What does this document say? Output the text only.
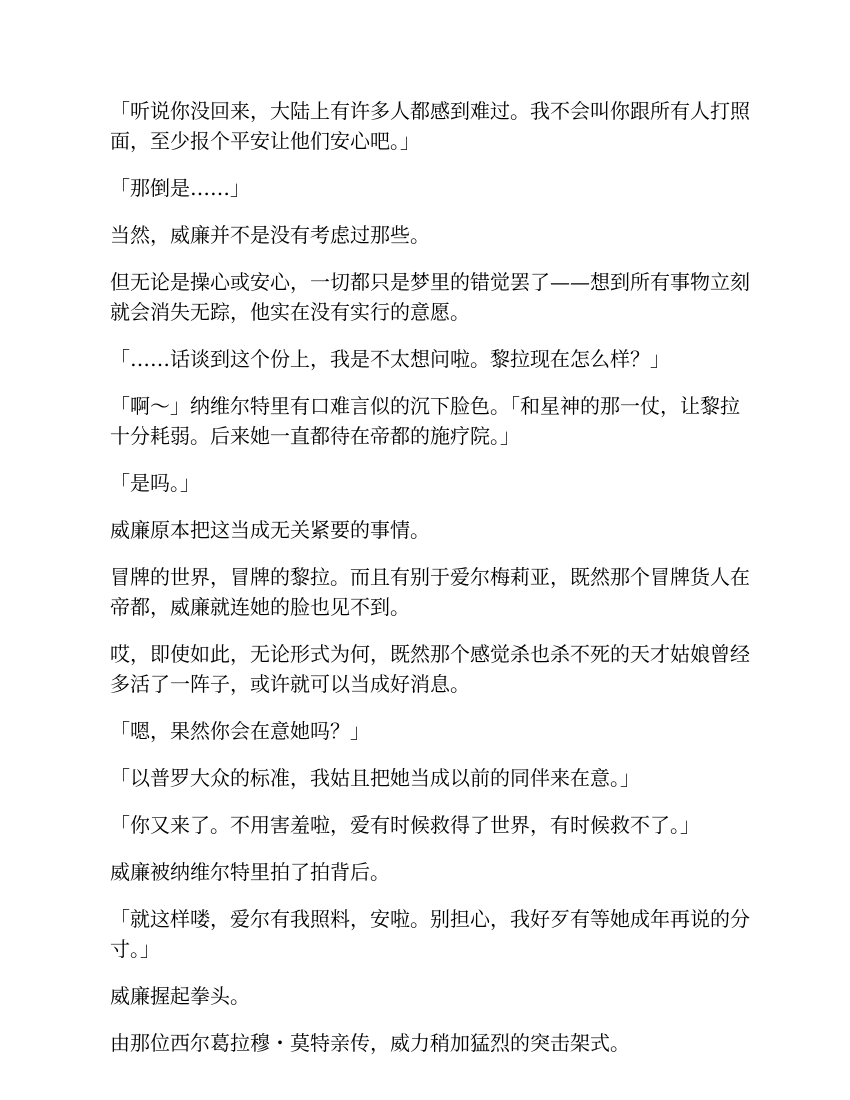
「听说你没回来，大陆上有许多人都感到难过。我不会叫你跟所有人打照面，至少报个平安让他们安心吧。」

「那倒是……」

当然，威廉并不是没有考虑过那些。

但无论是操心或安心，一切都只是梦里的错觉罢了——想到所有事物立刻就会消失无踪，他实在没有实行的意愿。

「……话谈到这个份上，我是不太想问啦。黎拉现在怎么样？」

「啊～」纳维尔特里有口难言似的沉下脸色。「和星神的那一仗，让黎拉十分耗弱。后来她一直都待在帝都的施疗院。」

「是吗。」

威廉原本把这当成无关紧要的事情。

冒牌的世界，冒牌的黎拉。而且有别于爱尔梅莉亚，既然那个冒牌货人在帝都，威廉就连她的脸也见不到。

哎，即使如此，无论形式为何，既然那个感觉杀也杀不死的天才姑娘曾经多活了一阵子，或许就可以当成好消息。

「嗯，果然你会在意她吗？」

「以普罗大众的标准，我姑且把她当成以前的同伴来在意。」

「你又来了。不用害羞啦，爱有时候救得了世界，有时候救不了。」

威廉被纳维尔特里拍了拍背后。

「就这样喽，爱尔有我照料，安啦。别担心，我好歹有等她成年再说的分寸。」

威廉握起拳头。

由那位西尔葛拉穆・莫特亲传，威力稍加猛烈的突击架式。
